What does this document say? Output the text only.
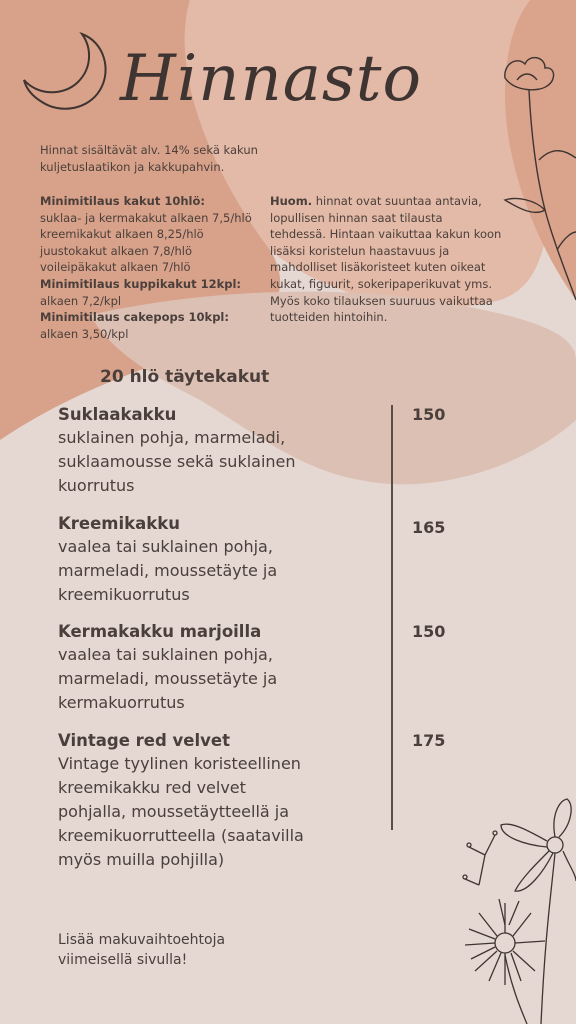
Hinnasto
Hinnat sisältävät alv. 14% sekä kakun kuljetuslaatikon ja kakkupahvin.
Minimitilaus kakut 10hlö:
suklaa- ja kermakakut alkaen 7,5/hlö
kreemikakut alkaen 8,25/hlö
juustokakut alkaen 7,8/hlö
voileipäkakut alkaen 7/hlö
Minimitilaus kuppikakut 12kpl:
alkaen 7,2/kpl
Minimitilaus cakepops 10kpl:
alkaen 3,50/kpl
Huom. hinnat ovat suuntaa antavia, lopullisen hinnan saat tilausta tehdessä. Hintaan vaikuttaa kakun koon lisäksi koristelun haastavuus ja mahdolliset lisäkoristeet kuten oikeat kukat, figuurit, sokeripaperikuvat yms. Myös koko tilauksen suuruus vaikuttaa tuotteiden hintoihin.
20 hlö täytekakut
Suklaakakku
suklainen pohja, marmeladi, suklaamousse sekä suklainen kuorrutus
150
Kreemikakku
vaalea tai suklainen pohja, marmeladi, moussetäyte ja kreemikuorrutus
165
Kermakakku marjoilla
vaalea tai suklainen pohja, marmeladi, moussetäyte ja kermakuorrutus
150
Vintage red velvet
Vintage tyylinen koristeellinen kreemikakku red velvet pohjalla, moussetäytteellä ja kreemikuorrutteella (saatavilla myös muilla pohjilla)
175
Lisää makuvaihtoehtoja viimeisellä sivulla!
